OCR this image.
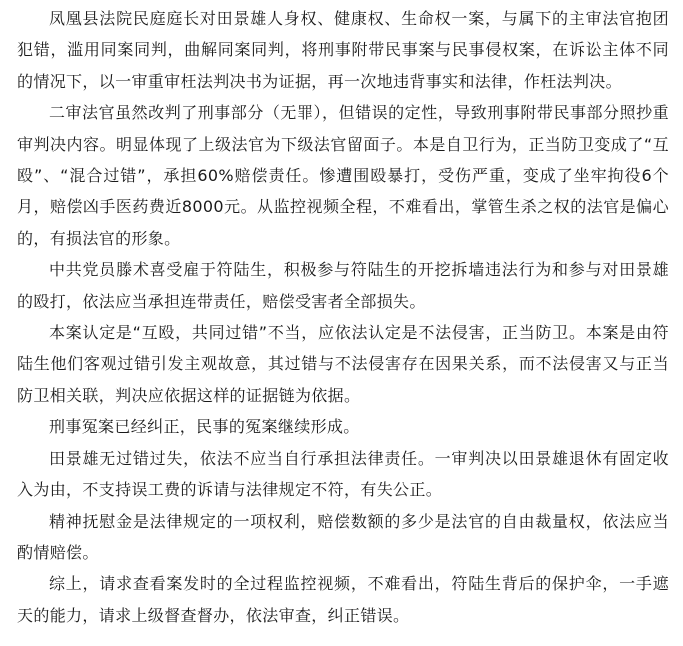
凤凰县法院民庭庭长对田景雄人身权、健康权、生命权一案，与属下的主审法官抱团犯错，滥用同案同判，曲解同案同判，将刑事附带民事案与民事侵权案，在诉讼主体不同的情况下，以一审重审枉法判决书为证据，再一次地违背事实和法律，作枉法判决。

二审法官虽然改判了刑事部分（无罪），但错误的定性，导致刑事附带民事部分照抄重审判决内容。明显体现了上级法官为下级法官留面子。本是自卫行为，正当防卫变成了“互殴”、“混合过错”，承担60%赔偿责任。惨遭围殴暴打，受伤严重，变成了坐牢拘役6个月，赔偿凶手医药费近8000元。从监控视频全程，不难看出，掌管生杀之权的法官是偏心的，有损法官的形象。

中共党员滕术喜受雇于符陆生，积极参与符陆生的开挖拆墙违法行为和参与对田景雄的殴打，依法应当承担连带责任，赔偿受害者全部损失。

本案认定是“互殴，共同过错”不当，应依法认定是不法侵害，正当防卫。本案是由符陆生他们客观过错引发主观故意，其过错与不法侵害存在因果关系，而不法侵害又与正当防卫相关联，判决应依据这样的证据链为依据。

刑事冤案已经纠正，民事的冤案继续形成。

田景雄无过错过失，依法不应当自行承担法律责任。一审判决以田景雄退休有固定收入为由，不支持误工费的诉请与法律规定不符，有失公正。

精神抚慰金是法律规定的一项权利，赔偿数额的多少是法官的自由裁量权，依法应当酌情赔偿。

综上，请求查看案发时的全过程监控视频，不难看出，符陆生背后的保护伞，一手遮天的能力，请求上级督查督办，依法审查，纠正错误。
